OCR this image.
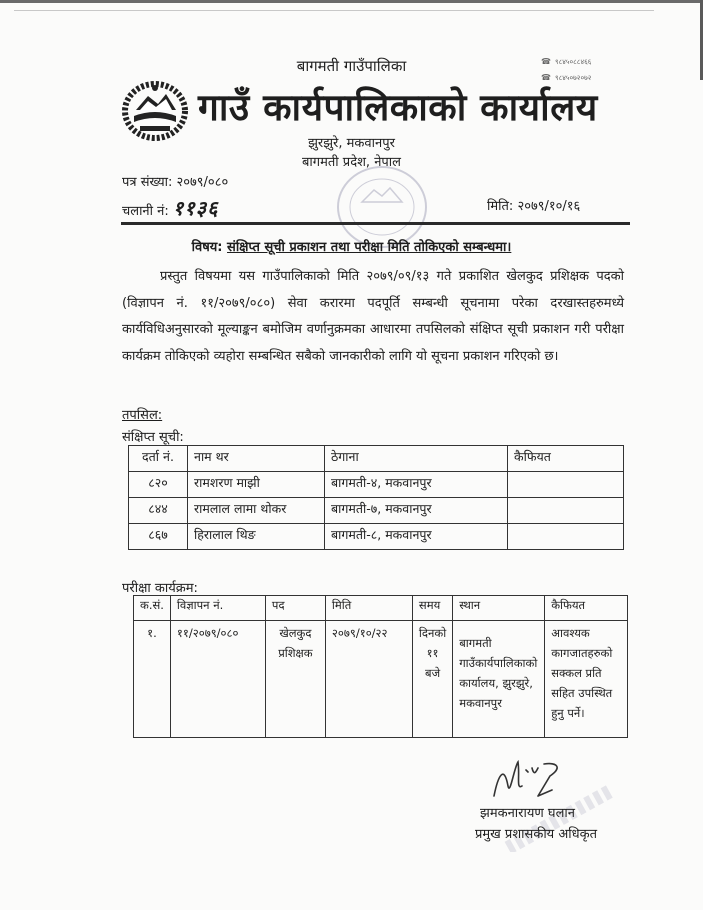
बागमती गाउँपालिका
गाउँ कार्यपालिकाको कार्यालय
☎ ९८४५०८८४६६
☎ ९८४५०७२०७२
झुरझुरे, मकवानपुर
बागमती प्रदेश, नेपाल
पत्र संख्या: २०७९/०८०
चलानी नं: ११३६	मिति: २०७९/१०/१६
विषय: संक्षिप्त सूची प्रकाशन तथा परीक्षा मिति तोकिएको सम्बन्धमा।
प्रस्तुत विषयमा यस गाउँपालिकाको मिति २०७९/०९/१३ गते प्रकाशित खेलकुद प्रशिक्षक पदको (विज्ञापन नं. ११/२०७९/०८०) सेवा करारमा पदपूर्ति सम्बन्धी सूचनामा परेका दरखास्तहरुमध्ये कार्यविधिअनुसारको मूल्याङ्कन बमोजिम वर्णानुक्रमका आधारमा तपसिलको संक्षिप्त सूची प्रकाशन गरी परीक्षा कार्यक्रम तोकिएको व्यहोरा सम्बन्धित सबैको जानकारीको लागि यो सूचना प्रकाशन गरिएको छ।
तपसिल:
संक्षिप्त सूची:
दर्ता नं.	नाम थर	ठेगाना	कैफियत
८२०	रामशरण माझी	बागमती-४, मकवानपुर	
८४४	रामलाल लामा थोकर	बागमती-७, मकवानपुर	
८६७	हिरालाल थिङ	बागमती-८, मकवानपुर	
परीक्षा कार्यक्रम:
क.सं.	विज्ञापन नं.	पद	मिति	समय	स्थान	कैफियत
१.	११/२०७९/०८०	खेलकुद प्रशिक्षक	२०७९/१०/२२	दिनको ११ बजे	बागमती गाउँकार्यपालिकाको कार्यालय, झुरझुरे, मकवानपुर	आवश्यक कागजातहरुको सक्कल प्रति सहित उपस्थित हुनु पर्ने।
झमकनारायण घलान
प्रमुख प्रशासकीय अधिकृत
